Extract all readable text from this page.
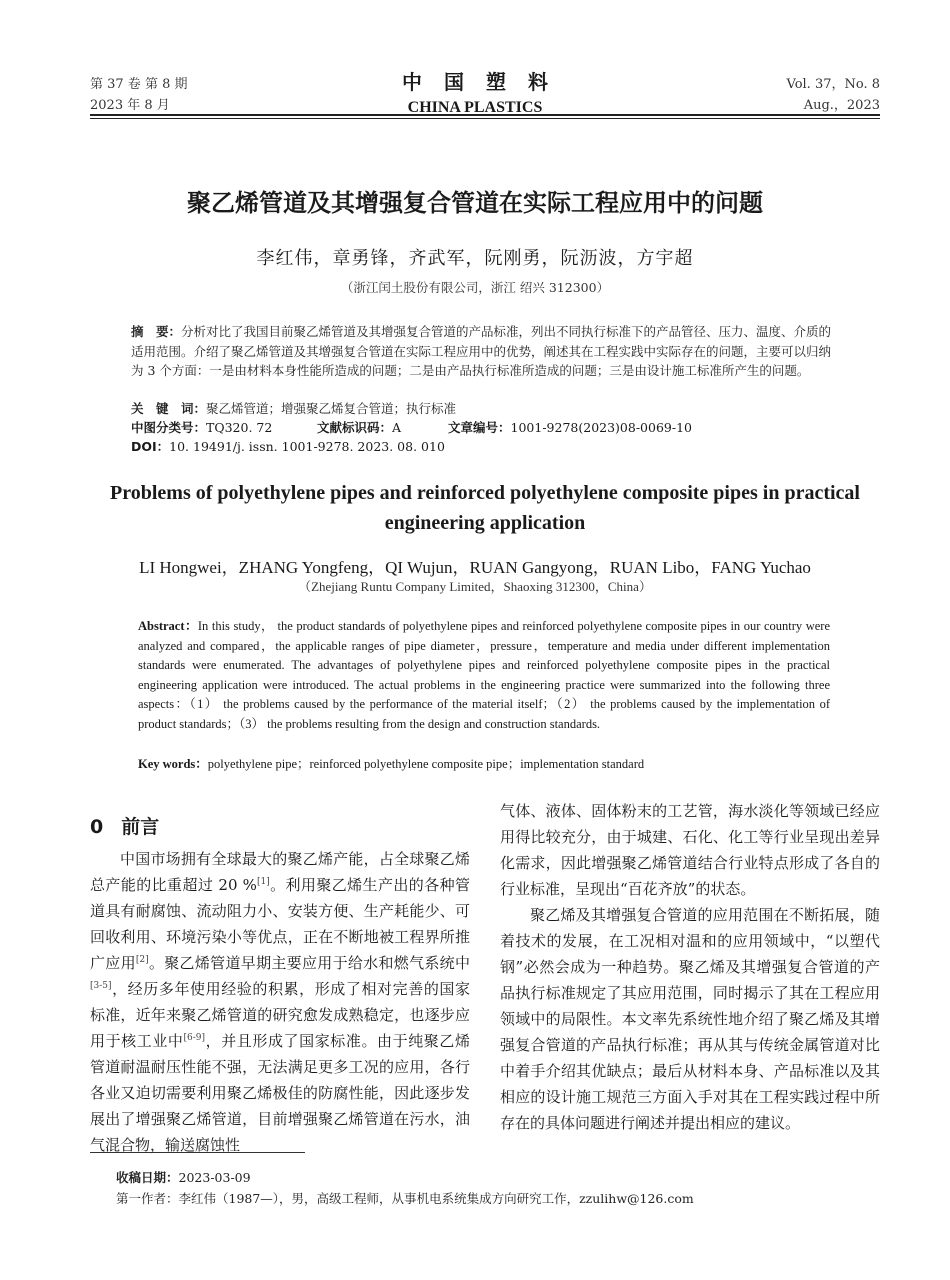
第 37 卷 第 8 期
2023 年 8 月
中国塑料
CHINA PLASTICS
Vol. 37，No. 8
Aug.，2023
聚乙烯管道及其增强复合管道在实际工程应用中的问题
李红伟，章勇锋，齐武军，阮刚勇，阮沥波，方宇超
（浙江闰土股份有限公司，浙江 绍兴 312300）
摘　要：分析对比了我国目前聚乙烯管道及其增强复合管道的产品标准，列出不同执行标准下的产品管径、压力、温度、介质的适用范围。介绍了聚乙烯管道及其增强复合管道在实际工程应用中的优势，阐述其在工程实践中实际存在的问题，主要可以归纳为 3 个方面：一是由材料本身性能所造成的问题；二是由产品执行标准所造成的问题；三是由设计施工标准所产生的问题。
关　键　词：聚乙烯管道；增强聚乙烯复合管道；执行标准
中图分类号：TQ320. 72	文献标识码：A	文章编号：1001-9278(2023)08-0069-10
DOI：10. 19491/j. issn. 1001-9278. 2023. 08. 010
Problems of polyethylene pipes and reinforced polyethylene composite pipes in practical engineering application
LI Hongwei，ZHANG Yongfeng，QI Wujun，RUAN Gangyong，RUAN Libo，FANG Yuchao
（Zhejiang Runtu Company Limited，Shaoxing 312300，China）
Abstract：In this study， the product standards of polyethylene pipes and reinforced polyethylene composite pipes in our country were analyzed and compared，the applicable ranges of pipe diameter，pressure，temperature and media under different implementation standards were enumerated. The advantages of polyethylene pipes and reinforced polyethylene composite pipes in the practical engineering application were introduced. The actual problems in the engineering practice were summarized into the following three aspects：（1） the problems caused by the performance of the material itself；（2） the problems caused by the implementation of product standards；（3） the problems resulting from the design and construction standards.
Key words：polyethylene pipe；reinforced polyethylene composite pipe；implementation standard
0 前言

中国市场拥有全球最大的聚乙烯产能，占全球聚乙烯总产能的比重超过 20 %[1]。利用聚乙烯生产出的各种管道具有耐腐蚀、流动阻力小、安装方便、生产耗能少、可回收利用、环境污染小等优点，正在不断地被工程界所推广应用[2]。聚乙烯管道早期主要应用于给水和燃气系统中[3-5]，经历多年使用经验的积累，形成了相对完善的国家标准，近年来聚乙烯管道的研究愈发成熟稳定，也逐步应用于核工业中[6-9]，并且形成了国家标准。由于纯聚乙烯管道耐温耐压性能不强，无法满足更多工况的应用，各行各业又迫切需要利用聚乙烯极佳的防腐性能，因此逐步发展出了增强聚乙烯管道，目前增强聚乙烯管道在污水，油气混合物，输送腐蚀性

气体、液体、固体粉末的工艺管，海水淡化等领域已经应用得比较充分，由于城建、石化、化工等行业呈现出差异化需求，因此增强聚乙烯管道结合行业特点形成了各自的行业标准，呈现出“百花齐放”的状态。

聚乙烯及其增强复合管道的应用范围在不断拓展，随着技术的发展，在工况相对温和的应用领域中，“以塑代钢”必然会成为一种趋势。聚乙烯及其增强复合管道的产品执行标准规定了其应用范围，同时揭示了其在工程应用领域中的局限性。本文率先系统性地介绍了聚乙烯及其增强复合管道的产品执行标准；再从其与传统金属管道对比中着手介绍其优缺点；最后从材料本身、产品标准以及其相应的设计施工规范三方面入手对其在工程实践过程中所存在的具体问题进行阐述并提出相应的建议。

收稿日期：2023-03-09
第一作者：李红伟（1987—），男，高级工程师，从事机电系统集成方向研究工作，zzulihw@126.com
